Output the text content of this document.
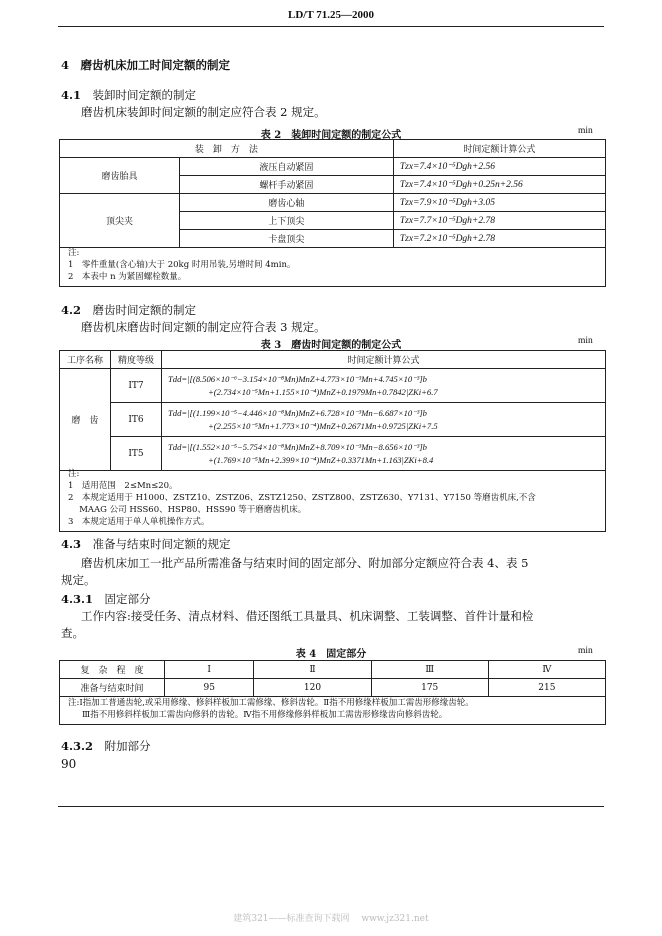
LD/T 71.25—2000
4　 磨齿机床加工时间定额的制定
4.1　 装卸时间定额的制定
磨齿机床装卸时间定额的制定应符合表 2 规定。
表 2　装卸时间定额的制定公式	min
装　卸　方　法		时间定额计算公式
磨齿胎具	液压自动紧固	Tzx=7.4×10⁻⁵Dgh+2.56
	螺杆手动紧固	Tzx=7.4×10⁻⁵Dgh+0.25n+2.56
顶尖夹	磨齿心轴	Tzx=7.9×10⁻⁵Dgh+3.05
	上下顶尖	Tzx=7.7×10⁻⁵Dgh+2.78
	卡盘顶尖	Tzx=7.2×10⁻⁵Dgh+2.78
注:
1　零件重量(含心轴)大于 20kg 时用吊装,另增时间 4min。
2　本表中 n 为紧固螺栓数量。
4.2　 磨齿时间定额的制定
磨齿机床磨齿时间定额的制定应符合表 3 规定。
表 3　磨齿时间定额的制定公式	min
工序名称	精度等级	时间定额计算公式
磨　齿	IT7	Tdd=|[(8.506×10⁻⁶−3.154×10⁻⁸Mn)MnZ+4.773×10⁻³Mn+4.745×10⁻³]b
+(2.734×10⁻⁵Mn+1.155×10⁻⁴)MnZ+0.1979Mn+0.7842|ZKi+6.7

	IT6	Tdd=|[(1.199×10⁻⁵−4.446×10⁻⁸Mn)MnZ+6.728×10⁻³Mn−6.687×10⁻³]b
+(2.255×10⁻⁵Mn+1.773×10⁻⁴)MnZ+0.2671Mn+0.9725|ZKi+7.5

	IT5	Tdd=|[(1.552×10⁻⁵−5.754×10⁻⁸Mn)MnZ+8.709×10⁻³Mn−8.656×10⁻³]b
+(1.769×10⁻⁵Mn+2.399×10⁻⁴)MnZ+0.3371Mn+1.163|ZKi+8.4
注:
1　适用范围　2≤Mn≤20。
2　本规定适用于 H1000、ZSTZ10、ZSTZ06、ZSTZ1250、ZSTZ800、ZSTZ630、Y7131、Y7150 等磨齿机床,不含
　 MAAG 公司 HSS60、HSP80、HSS90 等干磨磨齿机床。
3　本规定适用于单人单机操作方式。
4.3　 准备与结束时间定额的规定
磨齿机床加工一批产品所需准备与结束时间的固定部分、附加部分定额应符合表 4、表 5
规定。
4.3.1　 固定部分
工作内容:接受任务、清点材料、借还图纸工具量具、机床调整、工装调整、首件计量和检
查。
表 4　固定部分	min
复　杂　程　度	Ⅰ	Ⅱ	Ⅲ	Ⅳ
准备与结束时间	95	120	175	215
注:Ⅰ指加工普通齿轮,或采用修缘、修斜样板加工需修缘、修斜齿轮。Ⅱ指不用修缘样板加工需齿形修缘齿轮。
Ⅲ指不用修斜样板加工需齿向修斜的齿轮。Ⅳ指不用修缘修斜样板加工需齿形修缘齿向修斜齿轮。
4.3.2　 附加部分
90
建筑321——标准查询下载网　 www.jz321.net
